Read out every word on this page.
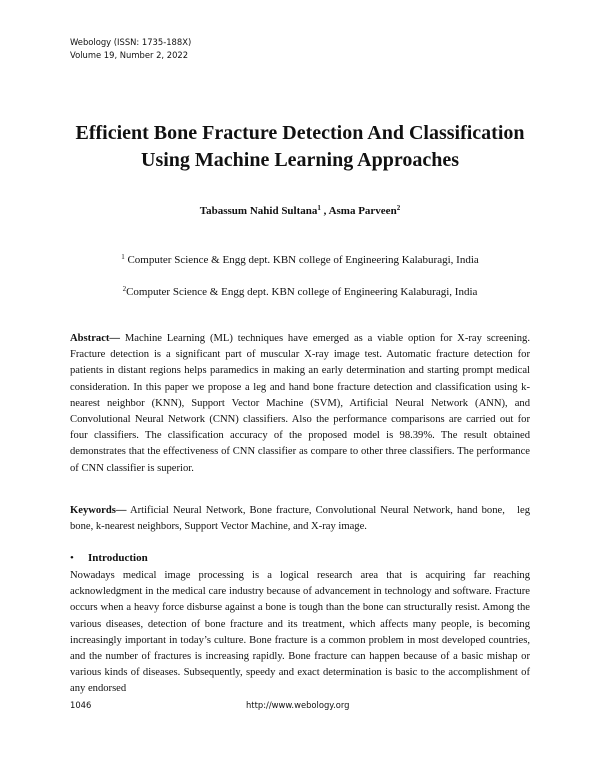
Webology (ISSN: 1735-188X)
Volume 19, Number 2, 2022
Efficient Bone Fracture Detection And Classification
Using Machine Learning Approaches
Tabassum Nahid Sultana$^1$ , Asma Parveen$^2$
$^1$ Computer Science & Engg dept. KBN college of Engineering Kalaburagi, India
$^2$Computer Science & Engg dept. KBN college of Engineering Kalaburagi, India

Abstract— Machine Learning (ML) techniques have emerged as a viable option for X-ray screening. Fracture detection is a significant part of muscular X-ray image test. Automatic fracture detection for patients in distant regions helps paramedics in making an early determination and starting prompt medical consideration. In this paper we propose a leg and hand bone fracture detection and classification using k-nearest neighbor (KNN), Support Vector Machine (SVM), Artificial Neural Network (ANN), and Convolutional Neural Network (CNN) classifiers. Also the performance comparisons are carried out for four classifiers. The classification accuracy of the proposed model is 98.39%. The result obtained demonstrates that the effectiveness of CNN classifier as compare to other three classifiers. The performance of CNN classifier is superior.

Keywords— Artificial Neural Network, Bone fracture, Convolutional Neural Network, hand bone,   leg bone, k-nearest neighbors, Support Vector Machine, and X-ray image.

• Introduction

Nowadays medical image processing is a logical research area that is acquiring far reaching acknowledgment in the medical care industry because of advancement in technology and software. Fracture occurs when a heavy force disburse against a bone is tough than the bone can structurally resist. Among the various diseases, detection of bone fracture and its treatment, which affects many people, is becoming increasingly important in today’s culture. Bone fracture is a common problem in most developed countries, and the number of fractures is increasing rapidly. Bone fracture can happen because of a basic mishap or various kinds of diseases. Subsequently, speedy and exact determination is basic to the accomplishment of any endorsed

1046	http://www.webology.org
